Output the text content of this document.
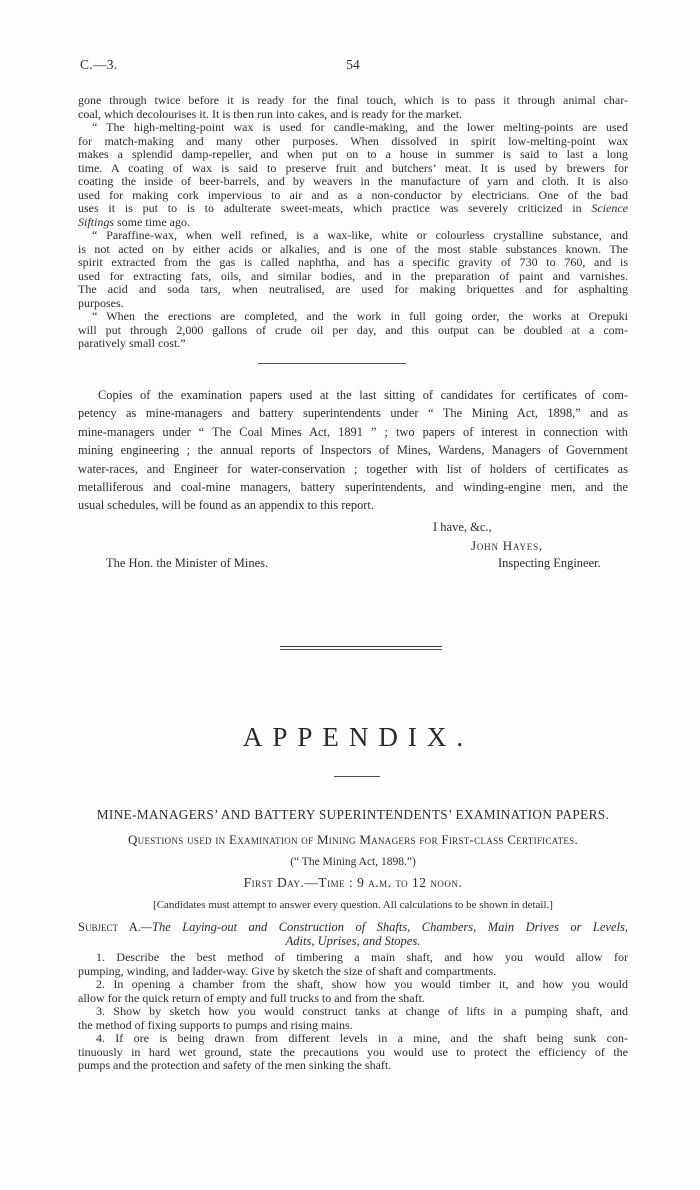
C.—3.	54
gone through twice before it is ready for the final touch, which is to pass it through animal char-
coal, which decolourises it. It is then run into cakes, and is ready for the market.
“ The high-melting-point wax is used for candle-making, and the lower melting-points are used
for match-making and many other purposes. When dissolved in spirit low-melting-point wax
makes a splendid damp-repeller, and when put on to a house in summer is said to last a long
time. A coating of wax is said to preserve fruit and butchers’ meat. It is used by brewers for
coating the inside of beer-barrels, and by weavers in the manufacture of yarn and cloth. It is also
used for making cork impervious to air and as a non-conductor by electricians. One of the bad
uses it is put to is to adulterate sweet-meats, which practice was severely criticized in Science
Siftings some time ago.
“ Paraffine-wax, when well refined, is a wax-like, white or colourless crystalline substance, and
is not acted on by either acids or alkalies, and is one of the most stable substances known. The
spirit extracted from the gas is called naphtha, and has a specific gravity of 730 to 760, and is
used for extracting fats, oils, and similar bodies, and in the preparation of paint and varnishes.
The acid and soda tars, when neutralised, are used for making briquettes and for asphalting
purposes.
“ When the erections are completed, and the work in full going order, the works at Orepuki
will put through 2,000 gallons of crude oil per day, and this output can be doubled at a com-
paratively small cost.”
Copies of the examination papers used at the last sitting of candidates for certificates of com-
petency as mine-managers and battery superintendents under “ The Mining Act, 1898,” and as
mine-managers under “ The Coal Mines Act, 1891 ” ; two papers of interest in connection with
mining engineering ; the annual reports of Inspectors of Mines, Wardens, Managers of Government
water-races, and Engineer for water-conservation ; together with list of holders of certificates as
metalliferous and coal-mine managers, battery superintendents, and winding-engine men, and the
usual schedules, will be found as an appendix to this report.
I have, &c.,
John Hayes,
The Hon. the Minister of Mines.	Inspecting Engineer.
APPENDIX.
MINE-MANAGERS’ AND BATTERY SUPERINTENDENTS’ EXAMINATION PAPERS.
Questions used in Examination of Mining Managers for First-class Certificates.
(“ The Mining Act, 1898.”)
First Day.—Time : 9 a.m. to 12 noon.
[Candidates must attempt to answer every question. All calculations to be shown in detail.]
Subject A.—The Laying-out and Construction of Shafts, Chambers, Main Drives or Levels,
Adits, Uprises, and Stopes.
1. Describe the best method of timbering a main shaft, and how you would allow for
pumping, winding, and ladder-way. Give by sketch the size of shaft and compartments.
2. In opening a chamber from the shaft, show how you would timber it, and how you would
allow for the quick return of empty and full trucks to and from the shaft.
3. Show by sketch how you would construct tanks at change of lifts in a pumping shaft, and
the method of fixing supports to pumps and rising mains.
4. If ore is being drawn from different levels in a mine, and the shaft being sunk con-
tinuously in hard wet ground, state the precautions you would use to protect the efficiency of the
pumps and the protection and safety of the men sinking the shaft.
